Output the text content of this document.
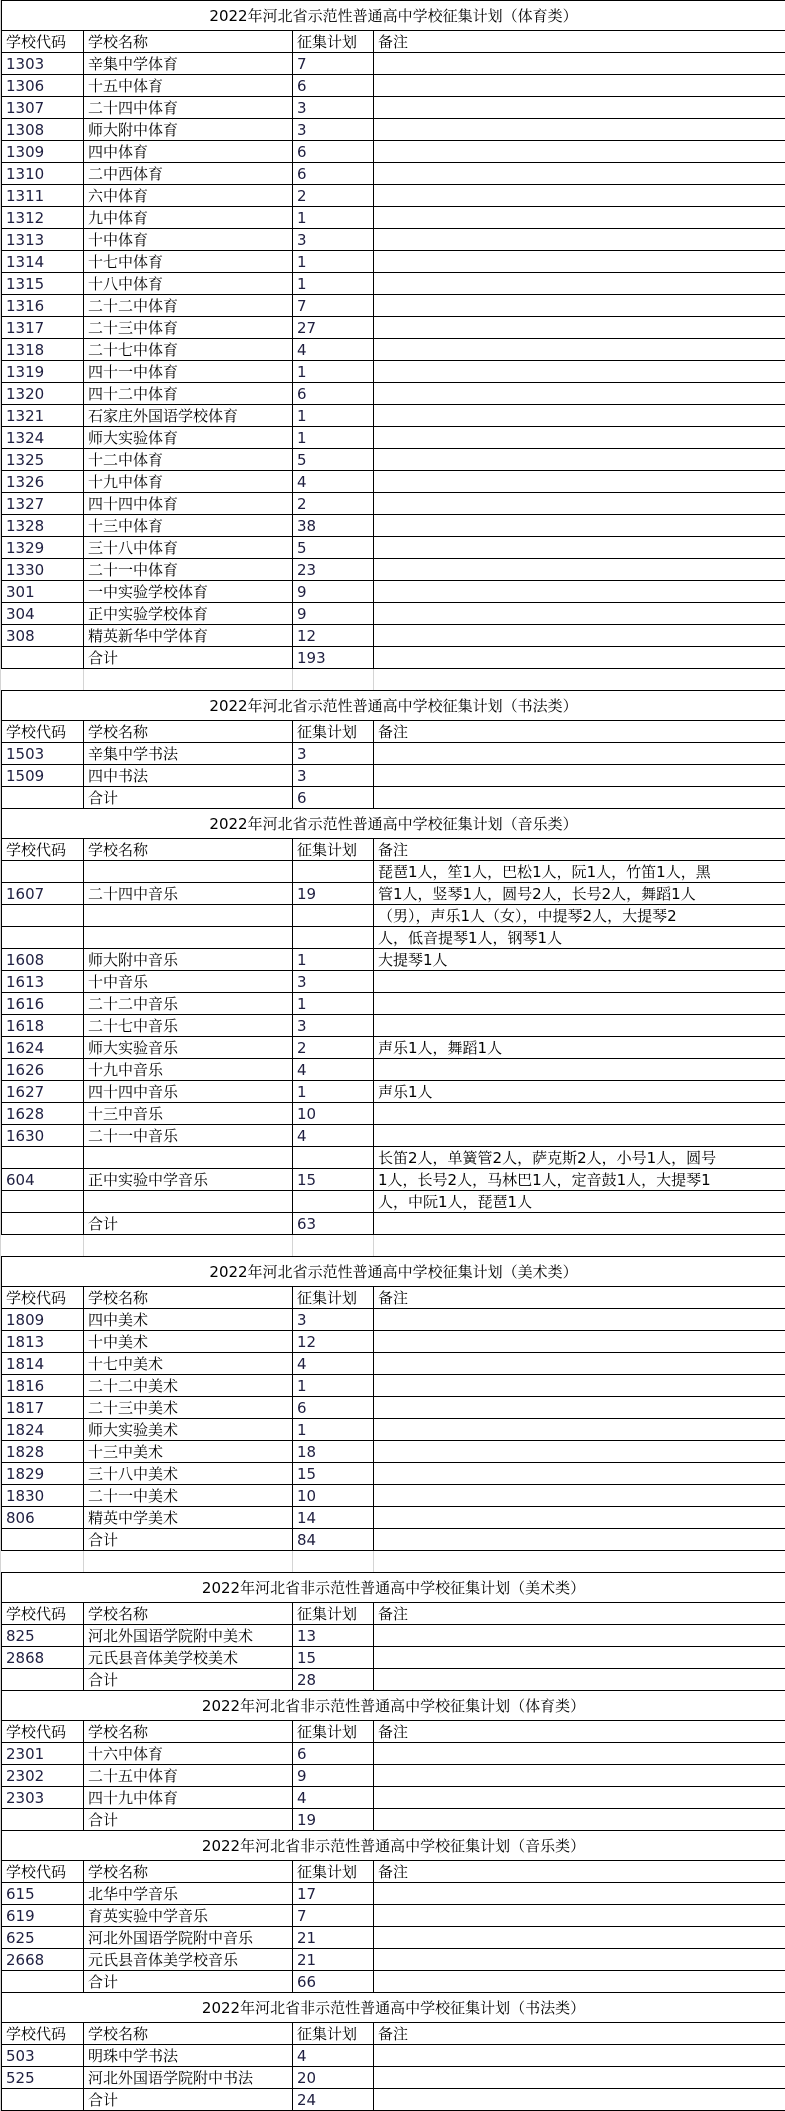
2022年河北省示范性普通高中学校征集计划（体育类）			
学校代码	学校名称	征集计划	备注
1303	辛集中学体育	7	
1306	十五中体育	6	
1307	二十四中体育	3	
1308	师大附中体育	3	
1309	四中体育	6	
1310	二中西体育	6	
1311	六中体育	2	
1312	九中体育	1	
1313	十中体育	3	
1314	十七中体育	1	
1315	十八中体育	1	
1316	二十二中体育	7	
1317	二十三中体育	27	
1318	二十七中体育	4	
1319	四十一中体育	1	
1320	四十二中体育	6	
1321	石家庄外国语学校体育	1	
1324	师大实验体育	1	
1325	十二中体育	5	
1326	十九中体育	4	
1327	四十四中体育	2	
1328	十三中体育	38	
1329	三十八中体育	5	
1330	二十一中体育	23	
301	一中实验学校体育	9	
304	正中实验学校体育	9	
308	精英新华中学体育	12	
	合计	193	

2022年河北省示范性普通高中学校征集计划（书法类）			
学校代码	学校名称	征集计划	备注
1503	辛集中学书法	3	
1509	四中书法	3	
	合计	6	
2022年河北省示范性普通高中学校征集计划（音乐类）			
学校代码	学校名称	征集计划	备注
			琵琶1人，笙1人，巴松1人，阮1人，竹笛1人，黑
1607	二十四中音乐	19	管1人，竖琴1人，圆号2人，长号2人，舞蹈1人
			（男），声乐1人（女），中提琴2人，大提琴2
			人，低音提琴1人，钢琴1人
1608	师大附中音乐	1	大提琴1人
1613	十中音乐	3	
1616	二十二中音乐	1	
1618	二十七中音乐	3	
1624	师大实验音乐	2	声乐1人，舞蹈1人
1626	十九中音乐	4	
1627	四十四中音乐	1	声乐1人
1628	十三中音乐	10	
1630	二十一中音乐	4	
			长笛2人，单簧管2人，萨克斯2人，小号1人，圆号
604	正中实验中学音乐	15	1人，长号2人，马林巴1人，定音鼓1人，大提琴1
			人，中阮1人，琵琶1人
	合计	63	

2022年河北省示范性普通高中学校征集计划（美术类）			
学校代码	学校名称	征集计划	备注
1809	四中美术	3	
1813	十中美术	12	
1814	十七中美术	4	
1816	二十二中美术	1	
1817	二十三中美术	6	
1824	师大实验美术	1	
1828	十三中美术	18	
1829	三十八中美术	15	
1830	二十一中美术	10	
806	精英中学美术	14	
	合计	84	

2022年河北省非示范性普通高中学校征集计划（美术类）			
学校代码	学校名称	征集计划	备注
825	河北外国语学院附中美术	13	
2868	元氏县音体美学校美术	15	
	合计	28	
2022年河北省非示范性普通高中学校征集计划（体育类）			
学校代码	学校名称	征集计划	备注
2301	十六中体育	6	
2302	二十五中体育	9	
2303	四十九中体育	4	
	合计	19	
2022年河北省非示范性普通高中学校征集计划（音乐类）			
学校代码	学校名称	征集计划	备注
615	北华中学音乐	17	
619	育英实验中学音乐	7	
625	河北外国语学院附中音乐	21	
2668	元氏县音体美学校音乐	21	
	合计	66	
2022年河北省非示范性普通高中学校征集计划（书法类）			
学校代码	学校名称	征集计划	备注
503	明珠中学书法	4	
525	河北外国语学院附中书法	20	
	合计	24	
